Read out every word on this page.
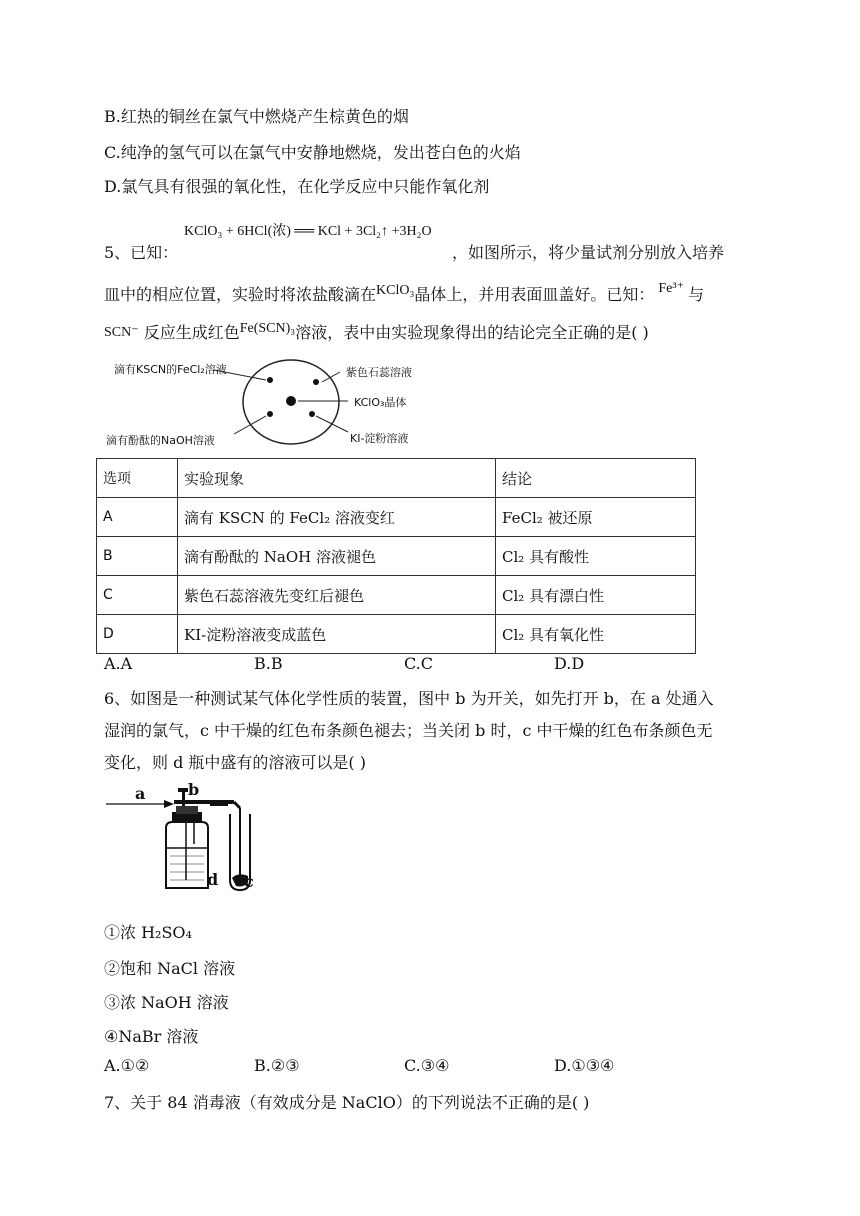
B.红热的铜丝在氯气中燃烧产生棕黄色的烟
C.纯净的氢气可以在氯气中安静地燃烧，发出苍白色的火焰
D.氯气具有很强的氧化性，在化学反应中只能作氧化剂
KClO₃ + 6HCl(浓) ══ KCl + 3Cl₂↑ +3H₂O
5、已知：	，如图所示，将少量试剂分别放入培养
皿中的相应位置，实验时将浓盐酸滴在KClO₃晶体上，并用表面皿盖好。已知： Fe³⁺ 与
SCN⁻ 反应生成红色Fe(SCN)₃溶液，表中由实验现象得出的结论完全正确的是( )
滴有KSCN的FeCl₂溶液	紫色石蕊溶液
KClO₃晶体
滴有酚酞的NaOH溶液	KI-淀粉溶液
选项	实验现象	结论
A	滴有 KSCN 的 FeCl₂ 溶液变红	FeCl₂ 被还原
B	滴有酚酞的 NaOH 溶液褪色	Cl₂ 具有酸性
C	紫色石蕊溶液先变红后褪色	Cl₂ 具有漂白性
D	KI-淀粉溶液变成蓝色	Cl₂ 具有氧化性
A.A	B.B	C.C	D.D
6、如图是一种测试某气体化学性质的装置，图中 b 为开关，如先打开 b，在 a 处通入
湿润的氯气，c 中干燥的红色布条颜色褪去；当关闭 b 时，c 中干燥的红色布条颜色无
变化，则 d 瓶中盛有的溶液可以是( )
a	b
d c
①浓 H₂SO₄
②饱和 NaCl 溶液
③浓 NaOH 溶液
④NaBr 溶液
A.①②	B.②③	C.③④	D.①③④
7、关于 84 消毒液（有效成分是 NaClO）的下列说法不正确的是( )
